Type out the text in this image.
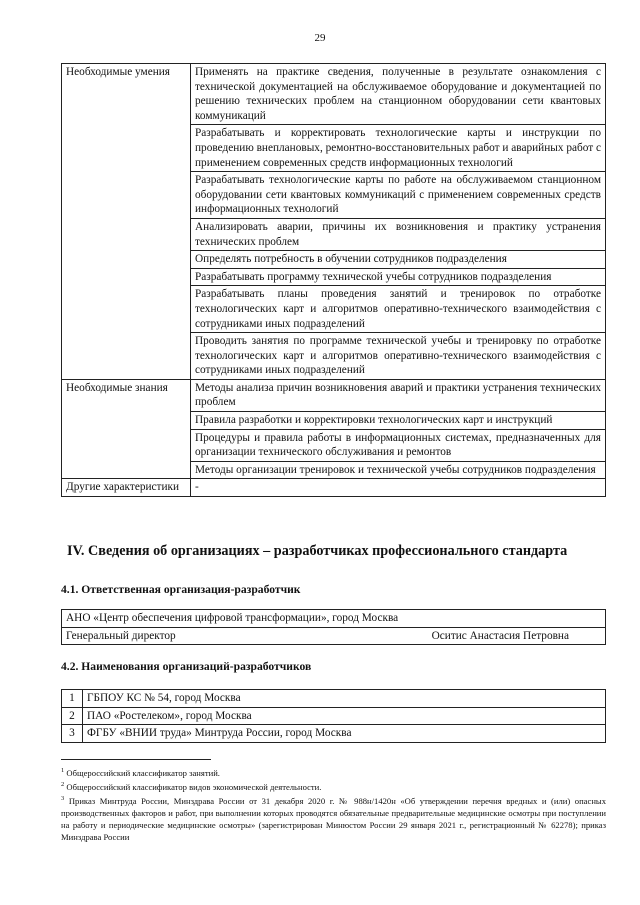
29
Необходимые умения	Применять на практике сведения, полученные в результате ознакомления с технической документацией на обслуживаемое оборудование и документацией по решению технических проблем на станционном оборудовании сети квантовых коммуникаций
	Разрабатывать и корректировать технологические карты и инструкции по проведению внеплановых, ремонтно-восстановительных работ и аварийных работ с применением современных средств информационных технологий
	Разрабатывать технологические карты по работе на обслуживаемом станционном оборудовании сети квантовых коммуникаций с применением современных средств информационных технологий
	Анализировать аварии, причины их возникновения и практику устранения технических проблем
	Определять потребность в обучении сотрудников подразделения
	Разрабатывать программу технической учебы сотрудников подразделения
	Разрабатывать планы проведения занятий и тренировок по отработке технологических карт и алгоритмов оперативно-технического взаимодействия с сотрудниками иных подразделений
	Проводить занятия по программе технической учебы и тренировку по отработке технологических карт и алгоритмов оперативно-технического взаимодействия с сотрудниками иных подразделений
Необходимые знания	Методы анализа причин возникновения аварий и практики устранения технических проблем
	Правила разработки и корректировки технологических карт и инструкций
	Процедуры и правила работы в информационных системах, предназначенных для организации технического обслуживания и ремонтов
	Методы организации тренировок и технической учебы сотрудников подразделения
Другие характеристики	-
IV. Сведения об организациях – разработчиках профессионального стандарта
4.1. Ответственная организация-разработчик
АНО «Центр обеспечения цифровой трансформации», город Москва

Генеральный директор	Оситис Анастасия Петровна
4.2. Наименования организаций-разработчиков
1	ГБПОУ КС № 54, город Москва
2	ПАО «Ростелеком», город Москва
3	ФГБУ «ВНИИ труда» Минтруда России, город Москва

$^1$ Общероссийский классификатор занятий.

$^2$ Общероссийский классификатор видов экономической деятельности.

$^3$ Приказ Минтруда России, Минздрава России от 31 декабря 2020 г. № 988н/1420н «Об утверждении перечня вредных и (или) опасных производственных факторов и работ, при выполнении которых проводятся обязательные предварительные медицинские осмотры при поступлении на работу и периодические медицинские осмотры» (зарегистрирован Минюстом России 29 января 2021 г., регистрационный № 62278); приказ Минздрава России
